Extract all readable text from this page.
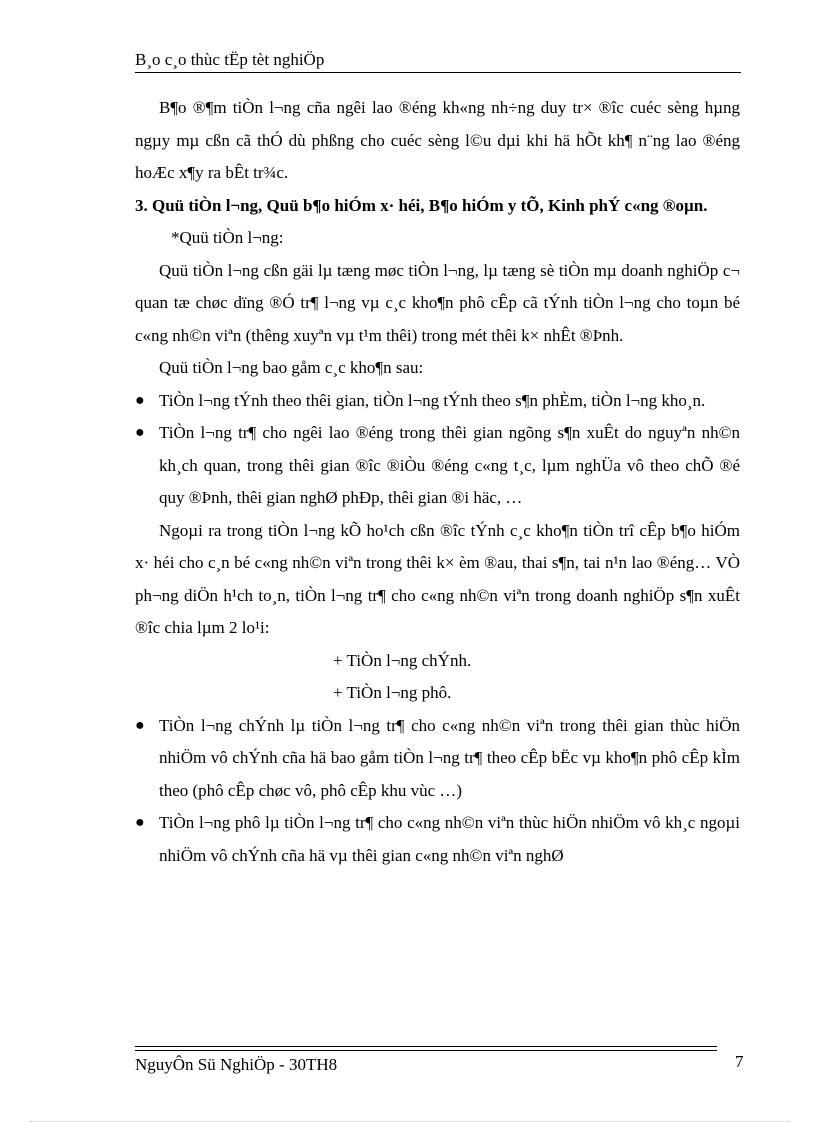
B¸o c¸o thùc tËp tèt nghiÖp

B¶o ®¶m tiÒn l¬ng cña ngêi lao ®éng kh«ng nh÷ng duy tr× ®îc cuéc sèng hµng ngµy mµ cßn cã thÓ dù phßng cho cuéc sèng l©u dµi khi hä hÕt kh¶ n¨ng lao ®éng hoÆc x¶y ra bÊt tr¾c.

3. Quü tiÒn l¬ng, Quü b¶o hiÓm x· héi, B¶o hiÓm y tÕ, Kinh phÝ c«ng ®oµn.

*Quü tiÒn l¬ng:

Quü tiÒn l¬ng cßn gäi lµ tæng møc tiÒn l¬ng, lµ tæng sè tiÒn mµ doanh nghiÖp c¬ quan tæ chøc dïng ®Ó tr¶ l¬ng vµ c¸c kho¶n phô cÊp cã tÝnh tiÒn l¬ng cho toµn bé c«ng nh©n viªn (thêng xuyªn vµ t¹m thêi) trong mét thêi k× nhÊt ®Þnh.

Quü tiÒn l¬ng bao gåm c¸c kho¶n sau:

● TiÒn l¬ng tÝnh theo thêi gian, tiÒn l¬ng tÝnh theo s¶n phÈm, tiÒn l¬ng kho¸n.
● TiÒn l¬ng tr¶ cho ngêi lao ®éng trong thêi gian ngõng s¶n xuÊt do nguyªn nh©n kh¸ch quan, trong thêi gian ®îc ®iÒu ®éng c«ng t¸c, lµm nghÜa vô theo chÕ ®é quy ®Þnh, thêi gian nghØ phÐp, thêi gian ®i häc, …

Ngoµi ra trong tiÒn l¬ng kÕ ho¹ch cßn ®îc tÝnh c¸c kho¶n tiÒn trî cÊp b¶o hiÓm x· héi cho c¸n bé c«ng nh©n viªn trong thêi k× èm ®au, thai s¶n, tai n¹n lao ®éng… VÒ ph¬ng diÖn h¹ch to¸n, tiÒn l¬ng tr¶ cho c«ng nh©n viªn trong doanh nghiÖp s¶n xuÊt ®îc chia lµm 2 lo¹i:

+ TiÒn l¬ng chÝnh.

+ TiÒn l¬ng phô.

● TiÒn l¬ng chÝnh lµ tiÒn l¬ng tr¶ cho c«ng nh©n viªn trong thêi gian thùc hiÖn nhiÖm vô chÝnh cña hä bao gåm tiÒn l¬ng tr¶ theo cÊp bËc vµ kho¶n phô cÊp kÌm theo (phô cÊp chøc vô, phô cÊp khu vùc …)
● TiÒn l¬ng phô lµ tiÒn l¬ng tr¶ cho c«ng nh©n viªn thùc hiÖn nhiÖm vô kh¸c ngoµi nhiÖm vô chÝnh cña hä vµ thêi gian c«ng nh©n viªn nghØ
NguyÔn Sü NghiÖp - 30TH8	7
